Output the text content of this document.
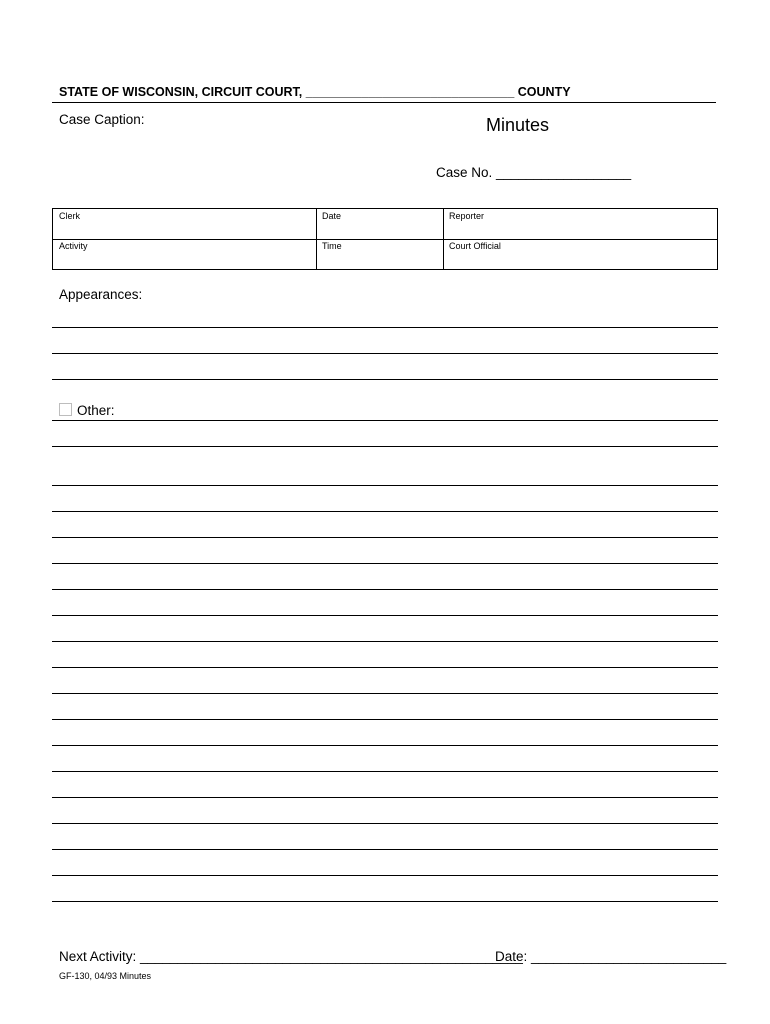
STATE OF WISCONSIN, CIRCUIT COURT, ______________________________ COUNTY
Case Caption:	Minutes
Case No. __________________
Clerk	Date	Reporter
Activity	Time	Court Official
Appearances:
Other:
Next Activity: ___________________________________________________
Date: __________________________
GF-130, 04/93 Minutes
